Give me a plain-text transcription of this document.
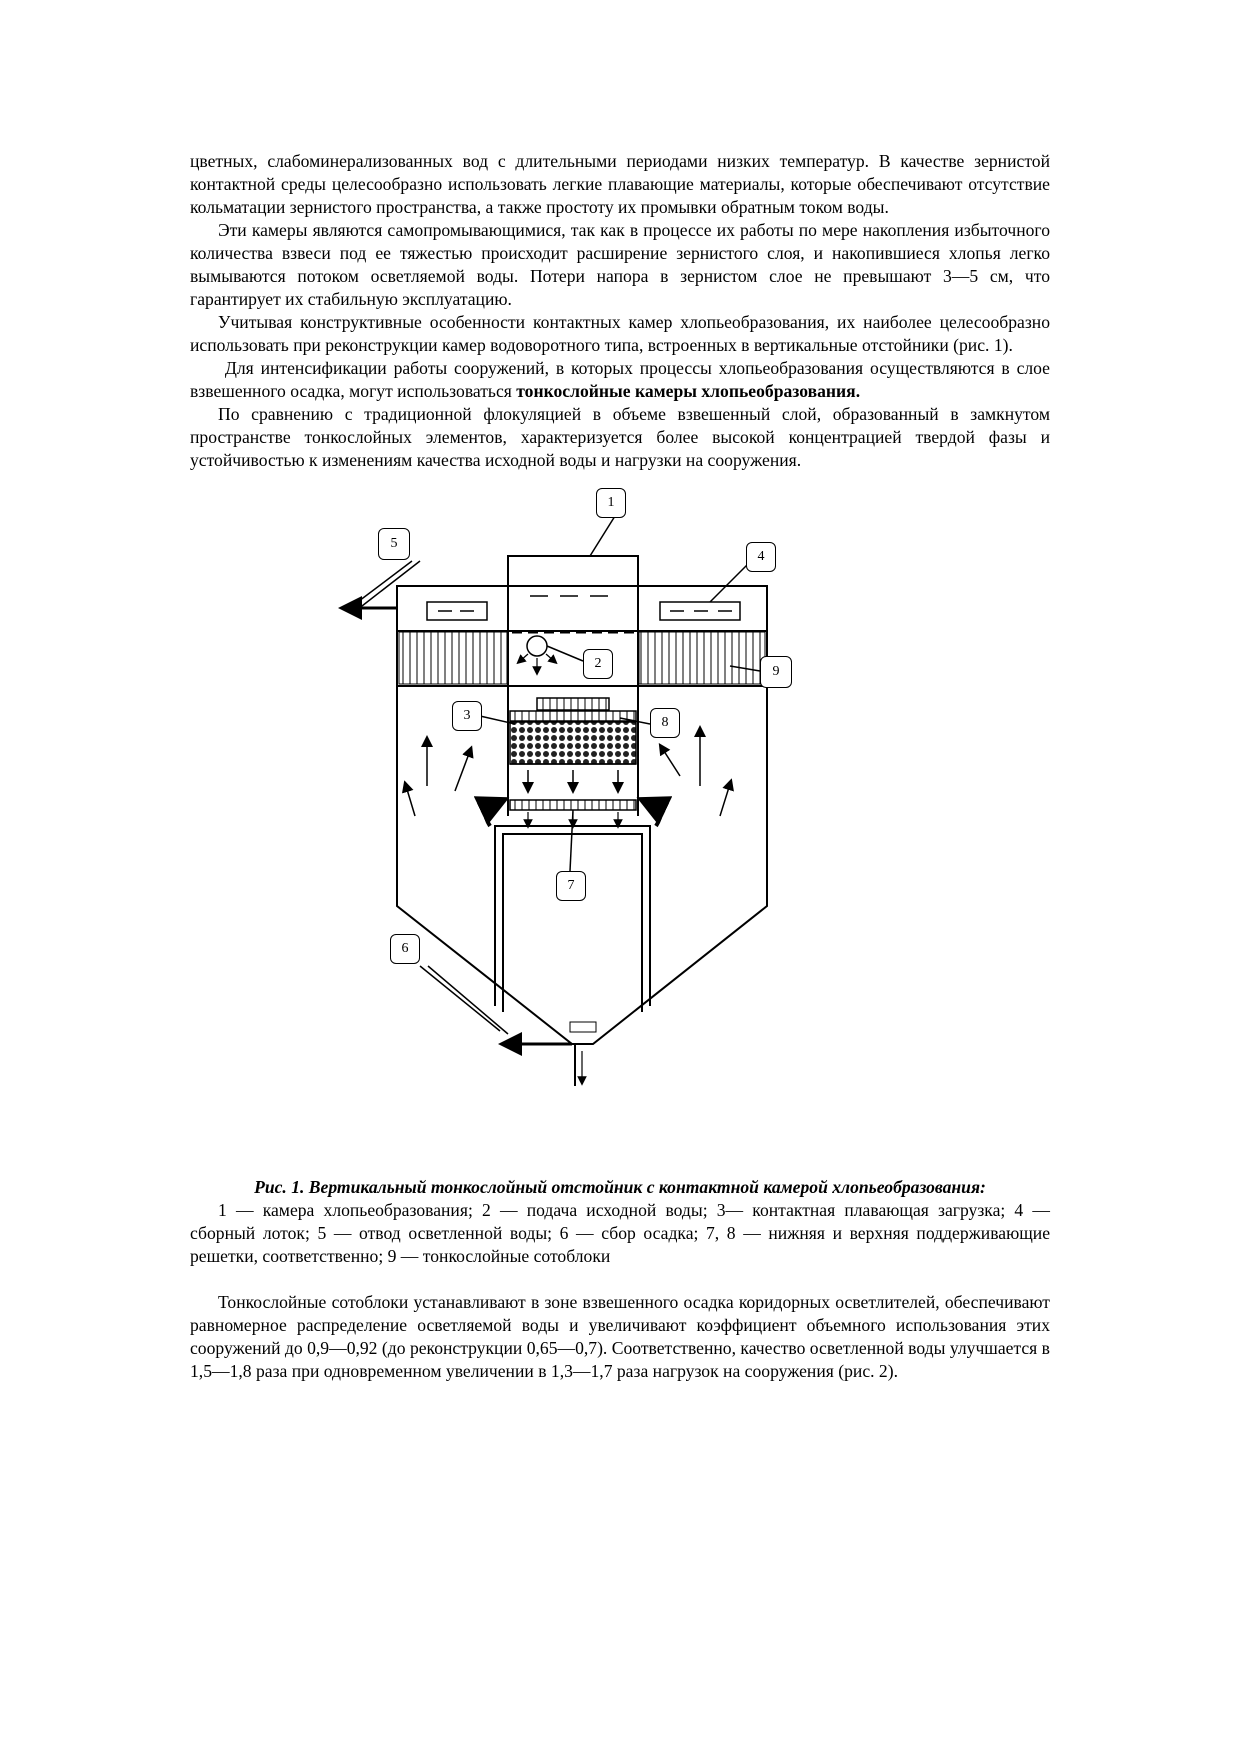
цветных, слабоминерализованных вод с длительными периодами низких температур. В качестве зернистой контактной среды целесообразно использовать легкие плавающие материалы, которые обеспечивают отсутствие кольматации зернистого пространства, а также простоту их промывки обратным током воды.

Эти камеры являются самопромывающимися, так как в процессе их работы по мере накопления избыточного количества взвеси под ее тяжестью происходит расширение зернистого слоя, и накопившиеся хлопья легко вымываются потоком осветляемой воды. Потери напора в зернистом слое не превышают 3—5 см, что гарантирует их стабильную эксплуатацию.

Учитывая конструктивные особенности контактных камер хлопьеобразования, их наиболее целесообразно использовать при реконструкции камер водоворотного типа, встроенных в вертикальные отстойники (рис. 1).

Для интенсификации работы сооружений, в которых процессы хлопьеобразования осуществляются в слое взвешенного осадка, могут использоваться тонкослойные камеры хлопьеобразования.

По сравнению с традиционной флокуляцией в объеме взвешенный слой, образованный в замкнутом пространстве тонкослойных элементов, характеризуется более высокой концентрацией твердой фазы и устойчивостью к изменениям качества исходной воды и нагрузки на сооружения.

1
2
3
4
5
6
7
8
9

Рис. 1. Вертикальный тонкослойный отстойник с контактной камерой хлопьеобразования:

1 — камера хлопьеобразования; 2 — подача исходной воды; 3— контактная плавающая загрузка; 4 — сборный лоток; 5 — отвод осветленной воды; 6 — сбор осадка; 7, 8 — нижняя и верхняя поддерживающие решетки, соответственно; 9 — тонкослойные сотоблоки

Тонкослойные сотоблоки устанавливают в зоне взвешенного осадка коридорных осветлителей, обеспечивают равномерное распределение осветляемой воды и увеличивают коэффициент объемного использования этих сооружений до 0,9—0,92 (до реконструкции 0,65—0,7). Соответственно, качество осветленной воды улучшается в 1,5—1,8 раза при одновременном увеличении в 1,3—1,7 раза нагрузок на сооружения (рис. 2).
